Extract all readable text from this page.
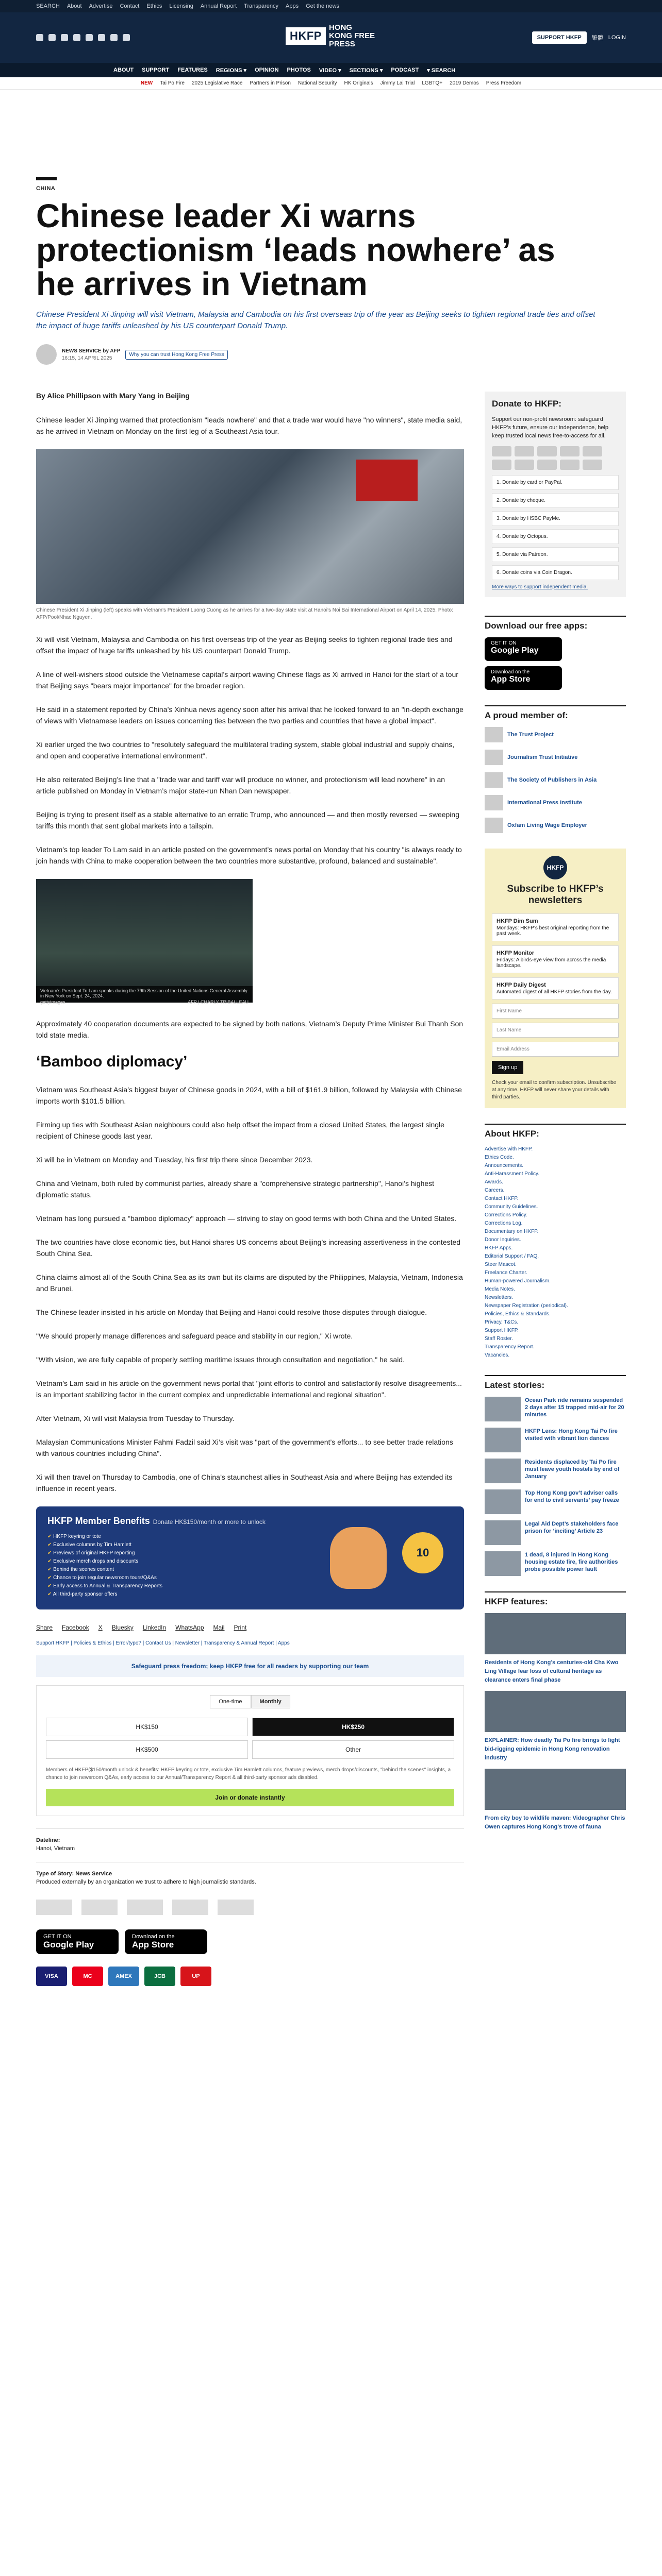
SEARCH About Advertise Contact Ethics Licensing Annual Report Transparency Apps Get the news
HKFP
HONG KONG FREE PRESS
SUPPORT HKFP	繁體 LOGIN
ABOUT SUPPORT FEATURES REGIONS ▾ OPINION PHOTOS VIDEO ▾ SECTIONS ▾ PODCAST ▾ SEARCH
NEW Tai Po Fire 2025 Legislative Race Partners in Prison National Security HK Originals Jimmy Lai Trial LGBTQ+ 2019 Demos Press Freedom
CHINA
Chinese leader Xi warns protectionism ‘leads nowhere’ as he arrives in Vietnam
Chinese President Xi Jinping will visit Vietnam, Malaysia and Cambodia on his first overseas trip of the year as Beijing seeks to tighten regional trade ties and offset the impact of huge tariffs unleashed by his US counterpart Donald Trump.
NEWS SERVICE by AFP
16:15, 14 APRIL 2025
Why you can trust Hong Kong Free Press
By Alice Phillipson with Mary Yang in Beijing

Chinese leader Xi Jinping warned that protectionism "leads nowhere" and that a trade war would have "no winners", state media said, as he arrived in Vietnam on Monday on the first leg of a Southeast Asia tour.

Chinese President Xi Jinping (left) speaks with Vietnam’s President Luong Cuong as he arrives for a two-day state visit at Hanoi’s Noi Bai International Airport on April 14, 2025. Photo: AFP/Pool/Nhac Nguyen.

Xi will visit Vietnam, Malaysia and Cambodia on his first overseas trip of the year as Beijing seeks to tighten regional trade ties and offset the impact of huge tariffs unleashed by his US counterpart Donald Trump.

A line of well-wishers stood outside the Vietnamese capital’s airport waving Chinese flags as Xi arrived in Hanoi for the start of a tour that Beijing says "bears major importance" for the broader region.

He said in a statement reported by China’s Xinhua news agency soon after his arrival that he looked forward to an "in-depth exchange of views with Vietnamese leaders on issues concerning ties between the two parties and countries that have a global impact".

Xi earlier urged the two countries to "resolutely safeguard the multilateral trading system, stable global industrial and supply chains, and open and cooperative international environment".

He also reiterated Beijing’s line that a "trade war and tariff war will produce no winner, and protectionism will lead nowhere" in an article published on Monday in Vietnam’s major state-run Nhan Dan newspaper.

Beijing is trying to present itself as a stable alternative to an erratic Trump, who announced — and then mostly reversed — sweeping tariffs this month that sent global markets into a tailspin.

Vietnam’s top leader To Lam said in an article posted on the government’s news portal on Monday that his country "is always ready to join hands with China to make cooperation between the two countries more substantive, profound, balanced and sustainable".

Vietnam’s President To Lam speaks during the 79th Session of the United Nations General Assembly in New York on Sept. 24, 2024.
gettyimages	AFP | CHARLY TRIBALLEAU

Approximately 40 cooperation documents are expected to be signed by both nations, Vietnam’s Deputy Prime Minister Bui Thanh Son told state media.

‘Bamboo diplomacy’

Vietnam was Southeast Asia’s biggest buyer of Chinese goods in 2024, with a bill of $161.9 billion, followed by Malaysia with Chinese imports worth $101.5 billion.

Firming up ties with Southeast Asian neighbours could also help offset the impact from a closed United States, the largest single recipient of Chinese goods last year.

Xi will be in Vietnam on Monday and Tuesday, his first trip there since December 2023.

China and Vietnam, both ruled by communist parties, already share a "comprehensive strategic partnership", Hanoi’s highest diplomatic status.

Vietnam has long pursued a "bamboo diplomacy" approach — striving to stay on good terms with both China and the United States.

The two countries have close economic ties, but Hanoi shares US concerns about Beijing’s increasing assertiveness in the contested South China Sea.

China claims almost all of the South China Sea as its own but its claims are disputed by the Philippines, Malaysia, Vietnam, Indonesia and Brunei.

The Chinese leader insisted in his article on Monday that Beijing and Hanoi could resolve those disputes through dialogue.

"We should properly manage differences and safeguard peace and stability in our region," Xi wrote.

"With vision, we are fully capable of properly settling maritime issues through consultation and negotiation," he said.

Vietnam’s Lam said in his article on the government news portal that "joint efforts to control and satisfactorily resolve disagreements... is an important stabilizing factor in the current complex and unpredictable international and regional situation".

After Vietnam, Xi will visit Malaysia from Tuesday to Thursday.

Malaysian Communications Minister Fahmi Fadzil said Xi’s visit was "part of the government’s efforts... to see better trade relations with various countries including China".

Xi will then travel on Thursday to Cambodia, one of China’s staunchest allies in Southeast Asia and where Beijing has extended its influence in recent years.

HKFP Member Benefits Donate HK$150/month or more to unlock
✔ HKFP keyring or tote
✔ Exclusive columns by Tim Hamlett
✔ Previews of original HKFP reporting
✔ Exclusive merch drops and discounts
✔ Behind the scenes content
✔ Chance to join regular newsroom tours/Q&As
✔ Early access to Annual & Transparency Reports
✔ All third-party sponsor offers
10
Share Facebook X Bluesky LinkedIn WhatsApp Mail Print
Support HKFP | Policies & Ethics | Error/typo? | Contact Us | Newsletter | Transparency & Annual Report | Apps
Safeguard press freedom; keep HKFP free for all readers by supporting our team
One-time	Monthly
HK$150	HK$250
HK$500	Other
Members of HKFP($150/month unlock & benefits: HKFP keyring or tote, exclusive Tim Hamlett columns, feature previews, merch drops/discounts, "behind the scenes" insights, a chance to join newsroom Q&As, early access to our Annual/Transparency Report & all third-party sponsor ads disabled.
Join or donate instantly
Dateline:
Hanoi, Vietnam
Type of Story: News Service
Produced externally by an organization we trust to adhere to high journalistic standards.
GET IT ON
Google Play
Download on the
App Store
VISA	MC	AMEX	JCB	UP
Donate to HKFP:

Support our non-profit newsroom: safeguard HKFP’s future, ensure our independence, help keep trusted local news free-to-access for all.

1. Donate by card or PayPal.
2. Donate by cheque.
3. Donate by HSBC PayMe.
4. Donate by Octopus.
5. Donate via Patreon.
6. Donate coins via Coin Dragon.
More ways to support independent media.
Download our free apps:
GET IT ON
Google Play
Download on the
App Store
A proud member of:
The Trust Project
Journalism Trust Initiative
The Society of Publishers in Asia
International Press Institute
Oxfam Living Wage Employer
HKFP
Subscribe to HKFP’s newsletters
HKFP Dim Sum
Mondays: HKFP’s best original reporting from the past week.
HKFP Monitor
Fridays: A birds-eye view from across the media landscape.
HKFP Daily Digest
Automated digest of all HKFP stories from the day.
First Name
Last Name
Email Address
Sign up
Check your email to confirm subscription. Unsubscribe at any time. HKFP will never share your details with third parties.
About HKFP:
Advertise with HKFP.
Ethics Code.
Announcements.
Anti-Harassment Policy.
Awards.
Careers.
Contact HKFP.
Community Guidelines.
Corrections Policy.
Corrections Log.
Documentary on HKFP.
Donor Inquiries.
HKFP Apps.
Editorial Support / FAQ.
Steer Mascot.
Freelance Charter.
Human-powered Journalism.
Media Notes.
Newsletters.
Newspaper Registration (periodical).
Policies, Ethics & Standards.
Privacy, T&Cs.
Support HKFP.
Staff Roster.
Transparency Report.
Vacancies.
Latest stories:
Ocean Park ride remains suspended 2 days after 15 trapped mid-air for 20 minutes
HKFP Lens: Hong Kong Tai Po fire visited with vibrant lion dances
Residents displaced by Tai Po fire must leave youth hostels by end of January
Top Hong Kong gov’t adviser calls for end to civil servants’ pay freeze
Legal Aid Dept’s stakeholders face prison for ‘inciting’ Article 23
1 dead, 8 injured in Hong Kong housing estate fire, fire authorities probe possible power fault
HKFP features:
Residents of Hong Kong’s centuries-old Cha Kwo Ling Village fear loss of cultural heritage as clearance enters final phase
EXPLAINER: How deadly Tai Po fire brings to light bid-rigging epidemic in Hong Kong renovation industry
From city boy to wildlife maven: Videographer Chris Owen captures Hong Kong’s trove of fauna
